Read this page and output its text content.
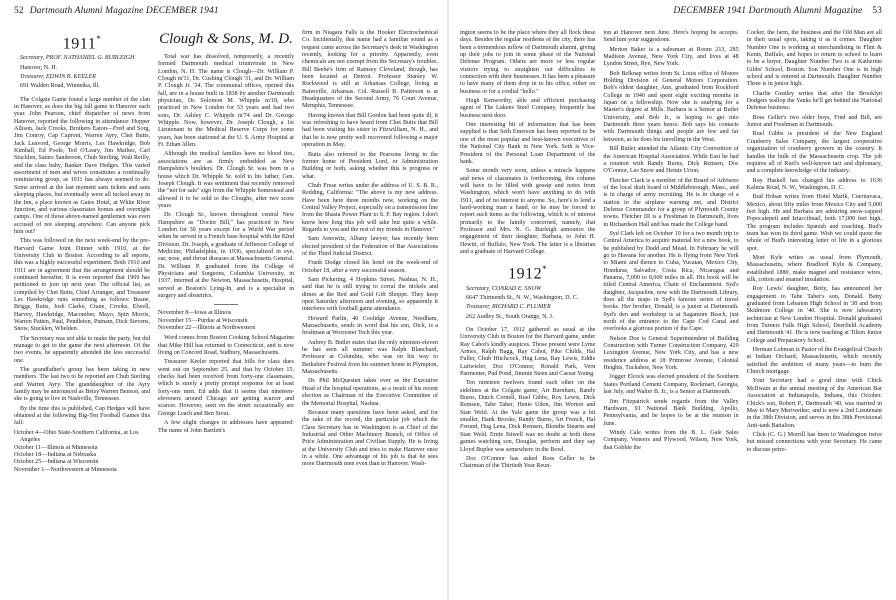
52 Dartmouth Alumni Magazine DECEMBER 1941
1911*

Secretary, PROF. NATHANIEL G. BURLEIGH

Hanover, N. H.

Treasurer, EDWIN R. KEELER

691 Walden Road, Winnetka, Ill.

The Colgate Game found a large number of the clan in Hanover, as does the big fall game in Hanover each year. John Pearson, chief dispatcher of news from Hanover, reported the following in attendance: Hopper Allison, Jack Crooks, Brothers Eaton—Fred and Sorg, Jim Conroy, Cap Caproni, Warren Ayry, Chet Butts, Jack Leavord, George Morris, Les Hawkridge, Bob Kimball, Ed Poole, Ted O'Leary, Jim Mathes, Carl Stucklen, Saturs Sanderson, Chub Sterling, Walt Reilly, and the class baby, Banker Dave Hedges. This varied assortment of men and wives constitutes a continually reminiscing group, as 1911 has always seemed to do. Some arrived at the last moment sans tickets and sans sleeping places, but eventually were all tucked away in the Inn, a place known as Gates Hotel, at White River Junction, and various classmates homes and overnight camps. One of those above-named gentlemen was even accused of not sleeping anywhere. Can anyone pick him out?

This was followed on the next week-end by the pre-Harvard Game Joint Dinner with 1910, at the University Club in Boston. According to all reports, this was a highly successful experiment. Both 1910 and 1911 are in agreement that the arrangement should be continued hereafter. It is even reported that 1909 has petitioned to join up next year. The official list, as compiled by Chet Butts, Chief Arranger, and Treasurer Les Hawkridge runs something as follows: Beane, Briggs, Butts, Josh Clarke, Crane, Crooks, Elwell, Harvey, Hawkridge, Macomber, Mayo, Spin Morris, Warren Patten, Paul, Pendleton, Putnam, Dick Stevens, Snow, Stucklen, Whelden.

The Secretary was not able to make the party, but did manage to get to the game the next afternoon. Of the two events, he apparently attended the less successful one.

The grandfather's group has been taking in new members. The last two to be reported are Chub Sterling and Warren Ayry. The granddaughter of the Ayry family may be announced as Betsy Warren Benson, and she is going to live in Nashville, Tennessee.

By the time this is published, Cap Hedges will have obtained at the following Big-Ten Football Games this fall:

October 4—Ohio State-Southern California, at Los Angeles
October 11—Illinois at Minnesota
October 18—Indiana at Nebraska
October 25—Indiana at Wisconsin
November 1—Northwestern at Minnesota
Clough & Sons, M. D.

Total war has dissolved, temporarily, a recently formed Dartmouth medical triumvirate in New London, N. H. The name is Clough—Dr. William P. Clough m'11, Dr. Cushing Clough '31, and Dr. William P. Clough Jr. '34. The communal offices, opened this fall, are in a house built in 1838 by another Dartmouth physician, Dr. Solomon M. Whipple m'18, who practiced in New London for 53 years and had two sons, Dr. Ashley C. Whipple m'74 and Dr. George Whipple. Now, however, Dr. Joseph Clough, a 1st Lieutenant in the Medical Reserve Corps for some years, has been stationed at the U. S. Army Hospital at Ft. Ethan Allen.

Although the medical families have no blood ties, associations are as firmly embedded as New Hampshire's boulders. Dr. Clough Sr. was born in a house which Dr. Whipple Sr. sold to his father, Gen. Joseph Clough. It was sentiment that recently removed the "not for sale" sign from the Whipple homestead and allowed it to be sold to the Cloughs, after two score years.

Dr. Clough Sr., known throughout central New Hampshire as "Doctor Bill," has practiced in New London for 30 years except for a World War period when he served in a French base hospital with the 82nd Division. Dr. Joseph, a graduate of Jefferson College of Medicine, Philadelphia, in 1936, specialized in eye, ear, nose, and throat diseases at Massachusetts General. Dr. William P. graduated from the College of Physicians and Surgeons, Columbia University, in 1937, interned at the Newton, Massachusetts, Hospital, served at Boston's Lying-In, and is a specialist in surgery and obstetrics.

November 8—Iowa at Illinois
November 15—Purdue at Wisconsin
November 22—Illinois at Northwestern

Word comes from Boston Cooking School Magazine that Mike Hill has returned to Connecticut, and is now living on Concord Road, Sudbury, Massachusetts.

Treasurer Keeler reported that bills for class dues went out on September 25, and that by October 15, checks had been received from forty-one classmates, which is surely a pretty prompt response for at least forty-one men. Ed adds that it seems that nineteen-eleveners around Chicago are getting scarcer and scarcer. However, seen on the street occasionally are George Leach and Ben Stout.

A few slight changes in addresses have appeared: The name of John Bartlett's

firm in Niagara Falls is the Hooker Electrochemical Co. Incidentally, that name had a familiar sound as a request came across the Secretary's desk in Washington recently, looking for a priority. Apparently, even chemicals are not exempt from the Secretary's troubles. Bill Beebe's firm of Ramsey Cleveland, though, has been located at Detroit. Professor Stanley W. Rockwood is still at Arkansas College, living at Batesville, Arkansas. Col. Russell B. Patterson is at Headquarters of the Second Army, 76 Court Avenue, Memphis, Tennessee.

Having known that Bill Gordon had been quite ill, it was refreshing to have heard from Chet Butts that Bill had been visiting his sister in Fitzwilliam, N. H., and that he is now pretty well recovered following a major operation in May.

Butts also referred to the Pearsons living in the former home of President Lord, or Administration Building or both, asking whether this is progress or what.

Chub Frese writes under the address of U. S. B. R., Redding, California: "The above is my new address. Have been here three months now, working on the Central Valley Project, especially on a transmission line from the Shasta Power Plant to S. F. Bay region. I don't know how long this job will take but quite a while. Regards to you and the rest of my friends in Hanover."

Sam Arnowitz, Albany lawyer, has recently been elected president of the Federation of Bar Associations of the Third Judicial District.

Frank Dodge closed his hotel on the week-end of October 18, after a very successful season.

Sam Pickering, 4 Hopkins Street, Nashua, N. H., said that he is still trying to corral the nickels and dimes at the Red and Gold Gift Shoppe. They keep open Saturday afternoon and evening, so apparently it interferes with football game attendance.

Howard Parlin, 40 Coolidge Avenue, Needham, Massachusetts, sends in word that his son, Dick, is a freshman at Worcester Tech this year.

Aubrey B. Butler states that the only nineteen-eleven he has seen all summer was Ralph Blanchard, Professor at Columbia, who was on his way to Berkshire Festival from his summer home in Plympton, Massachusetts.

Dr. Phil McQuesten takes over as the Executive Head of the hospital operations, as a result of his recent election as Chairman of the Executive Committee of the Memorial Hospital, Nashua.

Because many questions have been asked, and for the sake of the record, the particular job which the Class Secretary has in Washington is as Chief of the Industrial and Other Machinery Branch, of Office of Price Administration and Civilian Supply. He is living at the University Club and tries to make Hanover once in a while. One advantage of his job is that he sees more Dartmouth men even than in Hanover. Wash-

DECEMBER 1941 Dartmouth Alumni Magazine 53

ington seems to be the place where they all flock these days. Besides the regular residents of the city, there has been a tremendous inflow of Dartmouth alumni, giving up their jobs to join in some phase of the National Defense Program. Others are more or less regular visitors trying to straighten out difficulties in connection with their businesses. It has been a pleasure to have many of them drop in to his office, either on business or for a cordial "hello."

Hugh Kenworthy, able and efficient purchasing agent of The Lukens Steel Company, frequently has business next door.

One interesting bit of information that has been supplied is that Seth Emerson has been reported to be one of the most popular and best-known executives of the National City Bank in New York. Seth is Vice-President of the Personal Loan Department of the bank.

Some month very soon, unless a miracle happens and news of classmates is forthcoming, this column will have to be filled with gossip and notes from Washington, which won't have anything to do with 1911, and of no interest to anyone. So, here's to lend a hard-working man a hand, or he may be forced to report such items as the following, which is of interest primarily to the family concerned, namely, that Professor and Mrs. N. G. Burleigh announce the engagement of their daughter, Barbara, to John H. Hewitt, of Buffalo, New York. The latter is a librarian and a graduate of Harvard College.

1912*

Secretary, CONRAD E. SNOW

6647 Thirteenth St., N. W., Washington, D. C.

Treasurer, RICHARD C. PLUMER

262 Audley St., South Orange, N. J.

On October 17, 1912 gathered as usual at the University Club in Boston for the Harvard game, under Ray Cabot's kindly auspices. Those present were Lyme Armes, Ralph Bagg, Ray Cabot, Pike Childs, Hal Fuller, Chub Hitchcock, Hug Lena, Ray Lewis, Eddie Luitwieler, Doc O'Connor, Ronald Park, Vern Parmenter, Pud Pond, Jimmie Steen and Caesar Young.

Ten nineteen twelvers found each other on the sidelines at the Colgate game, Art Burnham, Randy Burns, Dutch Cornell, Ruel Gibbs, Roy Lewis, Dick Remsen, Tabe Taber, Henie Udon, Jim Worton and Stan Weld. At the Yale game the group was a bit smaller, Hank Brooks, Randy Burns, Art French, Hal Freund, Hug Lena, Dick Remsen, Blondie Stearns and Stan Weld. Ernie Sitwell was no doubt at both these games watching son, Douglas, perform and they say Lloyd Buplee was somewhere in the Bowl.

Doc O'Connor has asked Boss Geller to be Chairman of the Thirtieth Year Reun-

ion at Hanover next June. Here's hoping he accepts. Send him your suggestions.

Merton Baker is a salesman at Room 213, 285 Madison Avenue, New York City, and lives at 48 Lyndon Street, Rye, New York.

Bob Belknap writes from St. Louis office of Motors Holding Division of General Motors Corporation. Bob's oldest daughter, Ann, graduated from Rockford College in 1940 and spent eight exciting months in Japan on a fellowship. Now she is studying for a Master's degree at Mills. Barbara is a Senior at Butler University, and Bob Jr., is hoping to get into Dartmouth three years hence. Bob says his contacts with Dartmouth things and people are few and far between, as he does his travelling in the West.

Bill Butler attended the Atlantic City Convention of the American Hospital Association. While East he had a reunion with Randy Burns, Dick Remsen, Doc O'Connor, Les Snow and Heinie Urion.

Fletcher Clark is a member of the Board of Advisors of the local draft board of Middleborough, Mass., and is in charge of army recruiting. He is in charge of a station in the airplane warning net, and District Defense Commander for a group of Plymouth County towns. Fletcher III is a Freshman in Dartmouth, lives in Richardson Hall and has made the College band.

Syd Clark left on October 19 for a two month trip to Central America to acquire material for a new book, to be published by Dodd and Mead. In February he will go to Havana for another. He is flying from New York to Miami and thence to Cuba, Yucatan, Mexico City, Honduras, Salvador, Costa Rica, Nicaragua and Panama, 7,000 to 8,000 miles in all. His book will be titled Central America, Chain of Enchantment. Syd's daughter, Jacqueline, now with the Dartmouth Library, does all the maps in Syd's famous series of travel books. Her brother, Donald, is a junior at Dartmouth. Syd's den and workshop is at Sagamore Beach, just north of the entrance to the Cape Cod Canal and overlooks a glorious portion of the Cape.

Nelson Doe is General Superintendent of Building Construction with Turner Construction Company, 420 Lexington Avenue, New York City, and has a new residence address at 18 Primrose Avenue, Colonial Heights, Tuckahoe, New York.

Jogger Elcock was elected president of the Southern States Portland Cement Company, Rockmart, Georgia, last July, and Walter B. Jr., is a Senior at Dartmouth.

Jim Fitzpatrick sends regards from the Valley Hardware, 91 National Bank Building, Apollo, Pennsylvania, and he hopes to be at the reunion in June.

Windy Cale writes from the B. L. Gale Sales Company, Veneers and Plywood, Wilson, New York, that Gobbie the

Cocker, the farm, the business and the Old Man are all in their usual spots, taking it as it comes. Daughter Number One is working at merchandising in Flint & Kents, Buffalo, and hopes to return to school to learn to be a buyer. Daughter Number Two is at Katherine Gibbs' School, Boston. Son Number One is in high school and is entered at Dartmouth. Daughter Number Three is in junior high.

Charlie Geatley writes that after the Brooklyn Dodgers wallop the Yanks he'll get behind the National Defense business.

Boss Geller's two older boys, Fred and Bill, are Junior and Freshman in Dartmouth.

Ruel Gibbs is president of the New England Cranberry Sales Company, the largest cooperative organization of cranberry growers in the country. It handles the bulk of the Massachusetts crop. The job requires all of Ruel's well-known tact and diplomacy, and a complete knowledge of the industry.

Roy Haskell has changed his address to 1636 Kalmia Road, N. W., Washington, D. C.

Bud Hoban writes from Hotel Marik, Cuernavaca, Mexico, about fifty miles from Mexico City and 5,000 feet high. He and Barbara are admiring snow-capped Popocatepetl and Iztaccihuatl, both 17,000 feet high. The program includes Spanish and coaching. Bud's team has won its third game. Wish we could quote the whole of Bud's interesting letter of life in a glorious spot.

Mort Kyle writes as usual from Plymouth, Massachusetts, where Bradford Kyle & Company, established 1880, make magnet and resistance wires, silk, cotton and enamel insulation.

Roy Lewis' daughter, Betty, has announced her engagement to Tabe Taber's son, Donald. Betty graduated from Lebanon High School in '38 and from Skidmore College in '40. She is now laboratory technician at New London Hospital. Donald graduated from Turners Falls High School, Deerfield Academy and Dartmouth '41. He is now teaching at Tilton Junior College and Preparatory School.

Herman Lohman is Pastor of the Evangelical Church at Indian Orchard, Massachusetts, which recently satisfied the ambition of many years—to burn the Church mortgage.

Your Secretary had a good time with Chick McIlwain at the annual meeting of the American Bar Association at Indianapolis, Indiana, this October. Chick's son, Robert P., Dartmouth '40, was married in May to Mary Meriwether, and is now a 2nd Lieutenant in the 38th Division, and serves in the 38th Provisional Anti-tank Battalion.

Click (C. G.) Morrill has been to Washington twice but missed connections with your Secretary. He came to discuss petro-
